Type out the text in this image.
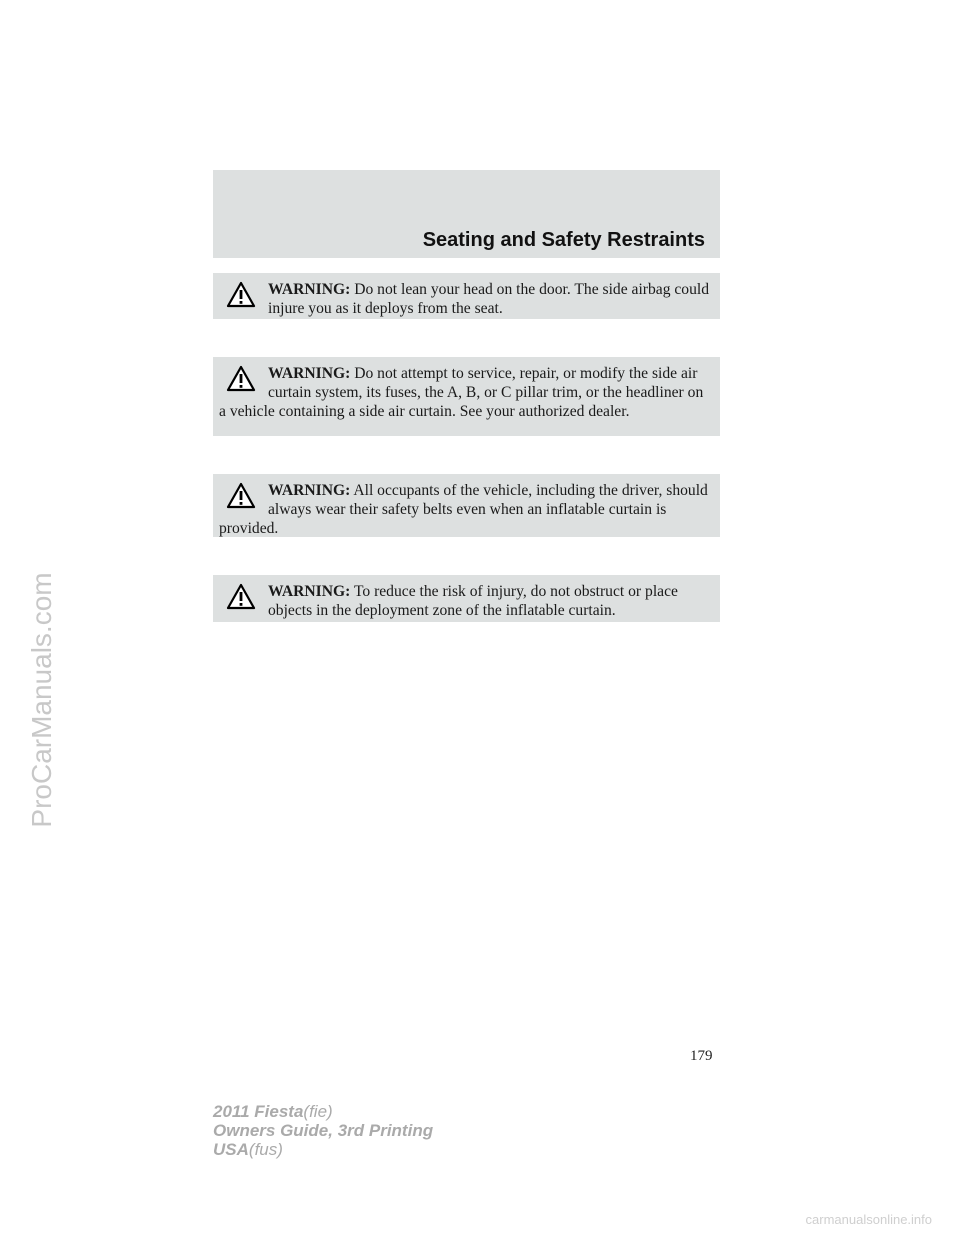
Seating and Safety Restraints
WARNING: Do not lean your head on the door. The side airbag could injure you as it deploys from the seat.
WARNING: Do not attempt to service, repair, or modify the side air curtain system, its fuses, the A, B, or C pillar trim, or the headliner on a vehicle containing a side air curtain. See your authorized dealer.
WARNING: All occupants of the vehicle, including the driver, should always wear their safety belts even when an inflatable curtain is provided.
WARNING: To reduce the risk of injury, do not obstruct or place objects in the deployment zone of the inflatable curtain.
ProCarManuals.com
179
2011 Fiesta(fie)
Owners Guide, 3rd Printing
USA(fus)
carmanualsonline.info
